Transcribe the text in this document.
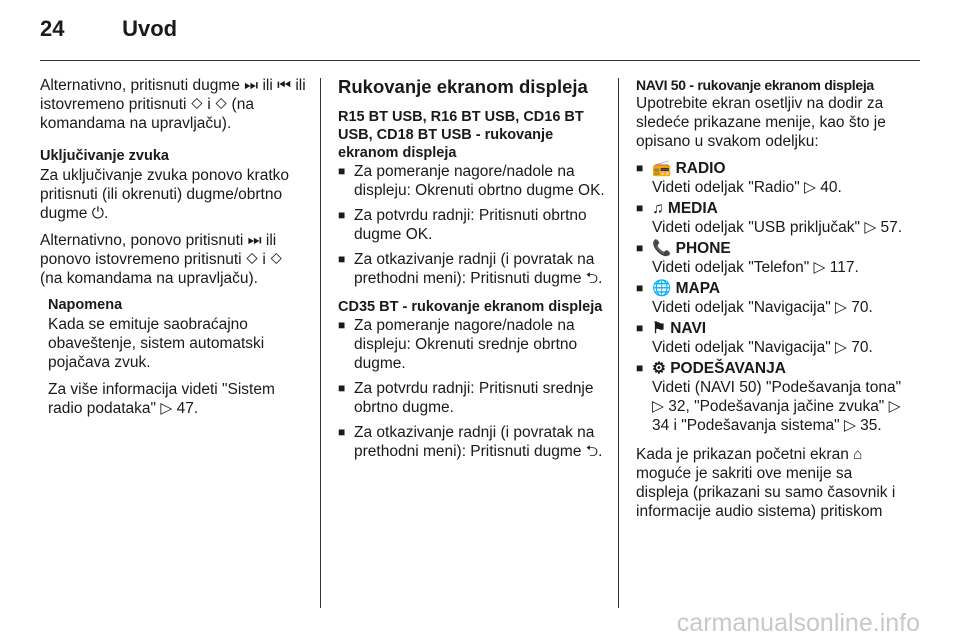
24	Uvod

Alternativno, pritisnuti dugme ⏭ ili ⏮ ili istovremeno pritisnuti ◇ i ◇ (na komandama na upravljaču).

Uključivanje zvuka

Za uključivanje zvuka ponovo kratko pritisnuti (ili okrenuti) dugme/obrtno dugme ⏻.

Alternativno, ponovo pritisnuti ⏭ ili ponovo istovremeno pritisnuti ◇ i ◇ (na komandama na upravljaču).

Napomena

Kada se emituje saobraćajno obaveštenje, sistem automatski pojačava zvuk.

Za više informacija videti "Sistem radio podataka" ▷ 47.

Rukovanje ekranom displeja

R15 BT USB, R16 BT USB, CD16 BT USB, CD18 BT USB - rukovanje ekranom displeja

■ Za pomeranje nagore/nadole na displeju: Okrenuti obrtno dugme OK.
■ Za potvrdu radnji: Pritisnuti obrtno dugme OK.
■ Za otkazivanje radnji (i povratak na prethodni meni): Pritisnuti dugme ⮌.

CD35 BT - rukovanje ekranom displeja

■ Za pomeranje nagore/nadole na displeju: Okrenuti srednje obrtno dugme.
■ Za potvrdu radnji: Pritisnuti srednje obrtno dugme.
■ Za otkazivanje radnji (i povratak na prethodni meni): Pritisnuti dugme ⮌.

NAVI 50 - rukovanje ekranom displeja

Upotrebite ekran osetljiv na dodir za sledeće prikazane menije, kao što je opisano u svakom odeljku:

■ 📻 RADIO
Videti odeljak "Radio" ▷ 40.
■ ♫ MEDIA
Videti odeljak "USB priključak" ▷ 57.
■ 📞 PHONE
Videti odeljak "Telefon" ▷ 117.
■ 🌐 MAPA
Videti odeljak "Navigacija" ▷ 70.
■ ⚑ NAVI
Videti odeljak "Navigacija" ▷ 70.
■ ⚙ PODEŠAVANJA
Videti (NAVI 50) "Podešavanja tona" ▷ 32, "Podešavanja jačine zvuka" ▷ 34 i "Podešavanja sistema" ▷ 35.

Kada je prikazan početni ekran ⌂ moguće je sakriti ove menije sa displeja (prikazani su samo časovnik i informacije audio sistema) pritiskom

carmanualsonline.info
